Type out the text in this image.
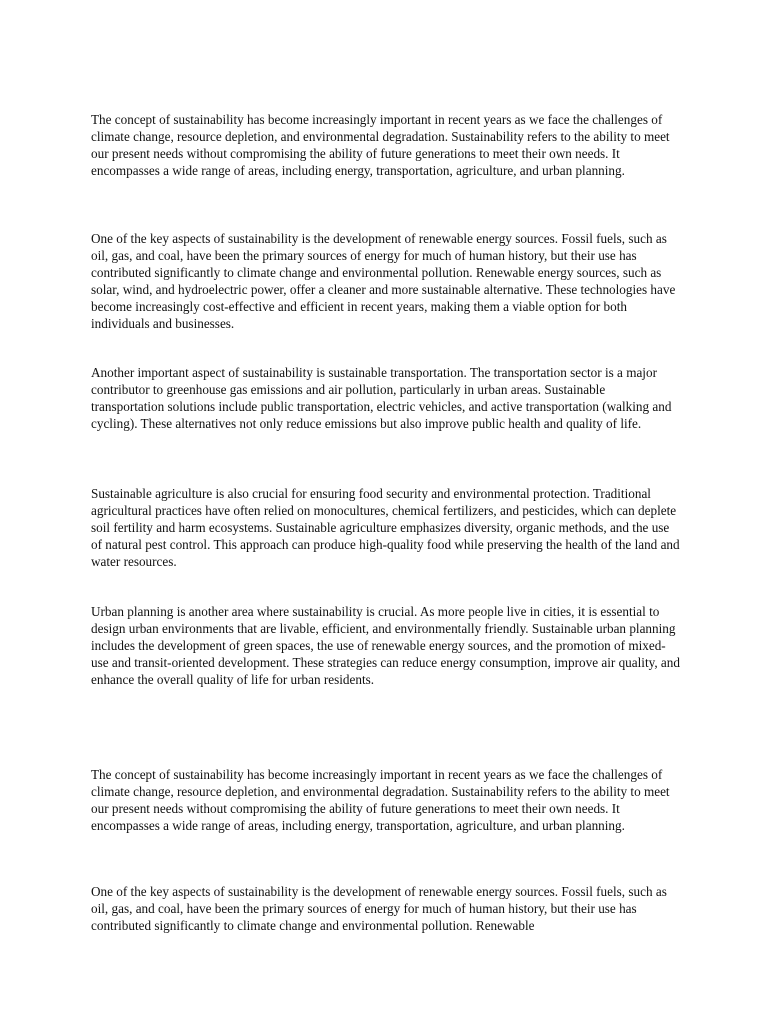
The concept of sustainability has become increasingly important in recent years as we face the challenges of climate change, resource depletion, and environmental degradation. Sustainability refers to the ability to meet our present needs without compromising the ability of future generations to meet their own needs. It encompasses a wide range of areas, including energy, transportation, agriculture, and urban planning.

One of the key aspects of sustainability is the development of renewable energy sources. Fossil fuels, such as oil, gas, and coal, have been the primary sources of energy for much of human history, but their use has contributed significantly to climate change and environmental pollution. Renewable energy sources, such as solar, wind, and hydroelectric power, offer a cleaner and more sustainable alternative. These technologies have become increasingly cost-effective and efficient in recent years, making them a viable option for both individuals and businesses.

Another important aspect of sustainability is sustainable transportation. The transportation sector is a major contributor to greenhouse gas emissions and air pollution, particularly in urban areas. Sustainable transportation solutions include public transportation, electric vehicles, and active transportation (walking and cycling). These alternatives not only reduce emissions but also improve public health and quality of life.

Sustainable agriculture is also crucial for ensuring food security and environmental protection. Traditional agricultural practices have often relied on monocultures, chemical fertilizers, and pesticides, which can deplete soil fertility and harm ecosystems. Sustainable agriculture emphasizes diversity, organic methods, and the use of natural pest control. This approach can produce high-quality food while preserving the health of the land and water resources.

Urban planning is another area where sustainability is crucial. As more people live in cities, it is essential to design urban environments that are livable, efficient, and environmentally friendly. Sustainable urban planning includes the development of green spaces, the use of renewable energy sources, and the promotion of mixed-use and transit-oriented development. These strategies can reduce energy consumption, improve air quality, and enhance the overall quality of life for urban residents.

The concept of sustainability has become increasingly important in recent years as we face the challenges of climate change, resource depletion, and environmental degradation. Sustainability refers to the ability to meet our present needs without compromising the ability of future generations to meet their own needs. It encompasses a wide range of areas, including energy, transportation, agriculture, and urban planning.

One of the key aspects of sustainability is the development of renewable energy sources. Fossil fuels, such as oil, gas, and coal, have been the primary sources of energy for much of human history, but their use has contributed significantly to climate change and environmental pollution. Renewable
